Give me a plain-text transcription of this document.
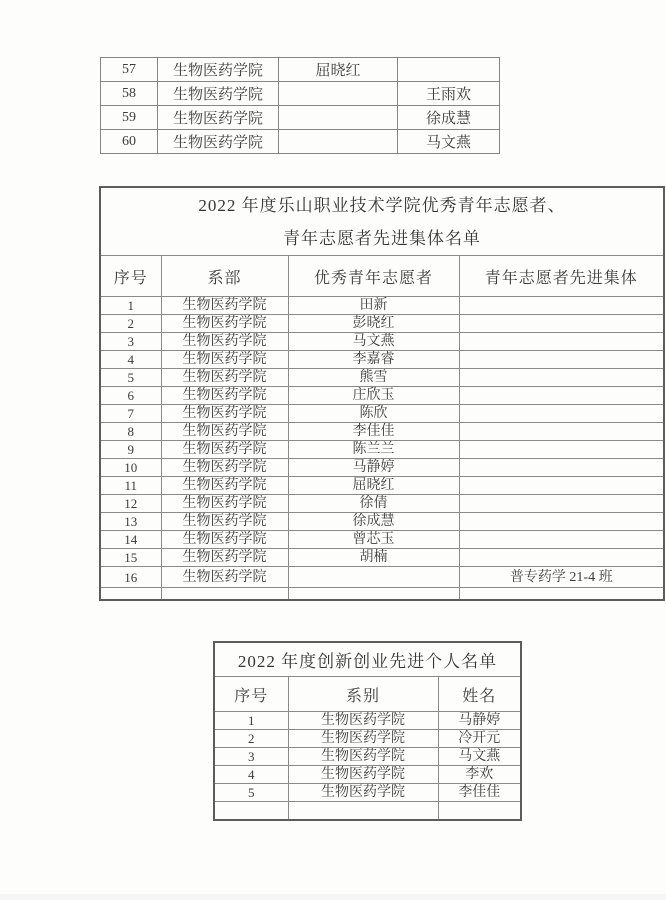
57	生物医药学院	屈晓红	
58	生物医药学院		王雨欢
59	生物医药学院		徐成慧
60	生物医药学院		马文燕
2022 年度乐山职业技术学院优秀青年志愿者、
青年志愿者先进集体名单			

序号	系部	优秀青年志愿者	青年志愿者先进集体
1	生物医药学院	田新	
2	生物医药学院	彭晓红	
3	生物医药学院	马文燕	
4	生物医药学院	李嘉睿	
5	生物医药学院	熊雪	
6	生物医药学院	庄欣玉	
7	生物医药学院	陈欣	
8	生物医药学院	李佳佳	
9	生物医药学院	陈兰兰	
10	生物医药学院	马静婷	
11	生物医药学院	屈晓红	
12	生物医药学院	徐倩	
13	生物医药学院	徐成慧	
14	生物医药学院	曾芯玉	
15	生物医药学院	胡楠	
16	生物医药学院		普专药学 21-4 班

2022 年度创新创业先进个人名单		
序号	系别	姓名
1	生物医药学院	马静婷
2	生物医药学院	冷开元
3	生物医药学院	马文燕
4	生物医药学院	李欢
5	生物医药学院	李佳佳
